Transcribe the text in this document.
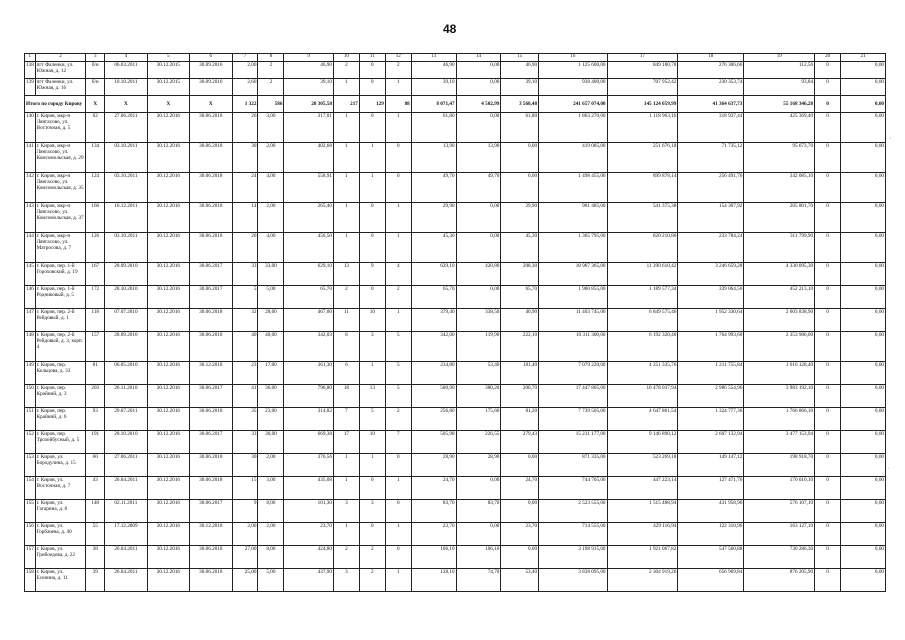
48
1	2	3	4	5	6	7	8	9	10	11	12	13	14	15	16	17	18	19	20	21
138	пгт Фаленки, ул. Южная, д. 12	б/н	06.03.2011	30.12.2015	30.09.2016	2,00	2	46,90	2	0	2	46,90	0,00	46,90	1 125 600,00	849 180,78	276 306,66	112,56	0	0,00
139	пгт Фаленки, ул. Южная, д. 16	б/н	10.10.2011	30.12.2015	30.09.2016	2,60	2	39,10	1	0	1	39,10	0,00	39,10	938 400,00	707 952,42	230 353,74	93,84	0	0,00
Итого по городу Кирову		X	X	X	X	1 322	586	20 305,58	217	129	88	8 071,47	4 502,99	3 568,48	241 657 074,00	145 124 059,99	41 364 637,73	55 168 346,28	0	0,00
140	г. Киров, мкр-н Лянгасово, ул. Восточная, д. 5	62	27.06.2011	30.12.2016	30.06.2018	26	3,00	317,01	1	0	1	61,80	0,00	61,80	1 863 270,00	1 118 963,16	318 937,44	425 369,40	0	0,00
141	г. Киров, мкр-н Лянгасово, ул. Комсомольская, д. 29	134	03.10.2011	30.12.2016	30.06.2018	30	2,00	402,68	1	1	0	13,90	13,90	0,00	419 085,00	251 676,18	71 735,12	95 673,70	0	0,00
142	г. Киров, мкр-н Лянгасово, ул. Комсомольская, д. 35	124	03.10.2011	30.12.2016	30.06.2018	24	4,00	558,91	1	1	0	49,70	49,70	0,00	1 498 455,00	899 878,14	256 491,76	342 085,10	0	0,00
143	г. Киров, мкр-н Лянгасово, ул. Комсомольская, д. 37	166	16.12.2011	30.12.2016	30.06.2018	14	2,00	265,40	1	0	1	29,90	0,00	29,90	901 485,00	541 375,38	154 307,92	205 801,70	0	0,00
144	г. Киров, мкр-н Лянгасово, ул. Матросова, д. 7	126	03.10.2011	30.12.2016	30.06.2018	20	4,00	456,50	1	0	1	45,30	0,00	45,30	1 365 795,00	820 210,86	233 784,24	311 799,90	0	0,00
145	г. Киров, пер. 1-й Гороховский, д. 19	167	28.09.2010	30.12.2016	30.06.2017	33	33,00	629,10	13	9	4	629,10	420,80	208,30	18 967 365,00	11 390 610,42	3 246 659,28	4 330 095,30	0	0,00
146	г. Киров, пер. 1-й Родниковый, д. 5	172	28.10.2010	30.12.2016	30.06.2017	5	5,00	65,70	2	0	2	65,70	0,00	65,70	1 980 855,00	1 189 577,34	339 064,56	452 213,10	0	0,00
147	г. Киров, пер. 2-й Рейдовый, д. 1	118	07.07.2010	30.12.2016	30.06.2018	32	28,00	467,00	11	10	1	379,40	338,50	40,90	11 403 745,00	6 849 575,46	1 952 330,64	2 603 838,90	0	0,00
148	г. Киров, пер. 2-й Рейдовый, д. 3, корп. 4	157	28.09.2010	30.12.2016	30.06.2018	40	40,00	342,03	8	3	5	342,00	119,90	222,10	10 311 300,00	6 192 320,40	1 764 993,60	2 353 986,00	0	0,00
149	г. Киров, пер. Кольцова, д. 33	81	06.05.2010	30.12.2016	30.12.2018	23	17,00	361,30	6	1	5	234,80	53,40	181,40	7 079 220,00	4 251 335,76	1 211 755,84	1 616 128,40	0	0,00
150	г. Киров, пер. Крайний, д. 3	203	26.11.2010	30.12.2016	30.06.2017	41	36,00	796,80	18	13	5	580,90	380,20	200,70	17 447 805,00	10 478 037,94	2 986 554,96	3 983 192,10	0	0,00
151	г. Киров, пер. Крайний, д. 6	93	29.07.2011	30.12.2016	30.06.2018	35	23,00	314,82	7	5	2	256,80	175,60	81,20	7 739 505,00	4 647 861,54	1 324 777,36	1 766 866,10	0	0,00
152	г. Киров, пер. Тролейбусный, д. 5	191	28.10.2010	30.12.2016	30.06.2017	33	30,00	669,38	17	10	7	505,98	226,55	279,43	15 231 177,00	9 146 890,12	2 607 132,94	3 477 153,94	0	0,00
153	г. Киров, ул. Бородулина, д. 15	60	27.06.2011	30.12.2016	30.06.2018	30	2,00	370,56	1	1	0	28,90	28,90	0,00	871 335,00	523 269,18	149 147,12	198 918,70	0	0,00
154	г. Киров, ул. Восточная, д. 7	43	26.04.2011	30.12.2016	30.06.2018	15	3,00	435,08	1	0	1	24,70	0,00	24,70	744 705,00	447 223,14	127 471,76	170 010,10	0	0,00
155	г. Киров, ул. Гагарина, д. 8	140	02.11.2011	30.12.2016	30.06.2017	9	8,00	101,30	3	3	0	83,70	83,70	0,00	2 523 555,00	1 515 488,94	431 958,96	576 107,10	0	0,00
156	г. Киров, ул. Горбачева, д. 40	55	17.12.2009	30.12.2016	30.12.2018	2,00	2,00	23,70	1	0	1	23,70	0,00	23,70	714 555,00	429 116,94	122 310,96	163 127,10	0	0,00
157	г. Киров, ул. Грибоедова, д. 22	38	26.04.2011	30.12.2016	30.06.2018	27,00	8,00	424,80	2	2	0	106,10	106,10	0,00	3 198 915,00	1 921 067,82	547 560,88	730 286,30	0	0,00
158	г. Киров, ул. Есенина, д. 11	39	26.04.2011	30.12.2016	30.06.2018	25,00	5,00	437,90	3	2	1	128,10	74,70	53,40	3 838 095,00	2 304 919,26	656 969,84	876 205,90	0	0,00
,
.
